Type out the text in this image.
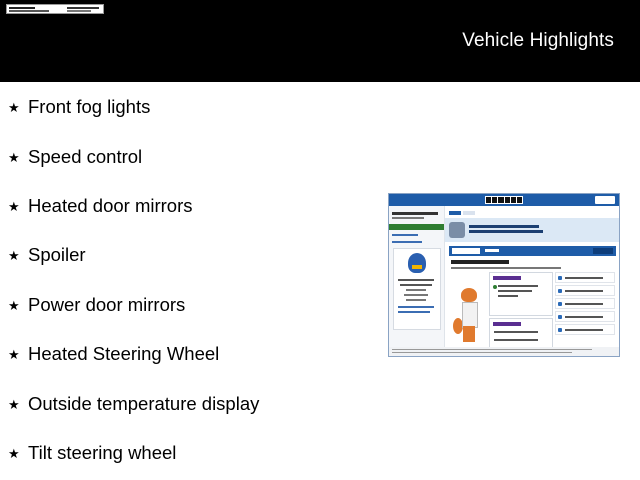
Vehicle Highlights
★ Front fog lights
★ Speed control
★ Heated door mirrors
★ Spoiler
★ Power door mirrors
★ Heated Steering Wheel
★ Outside temperature display
★ Tilt steering wheel
